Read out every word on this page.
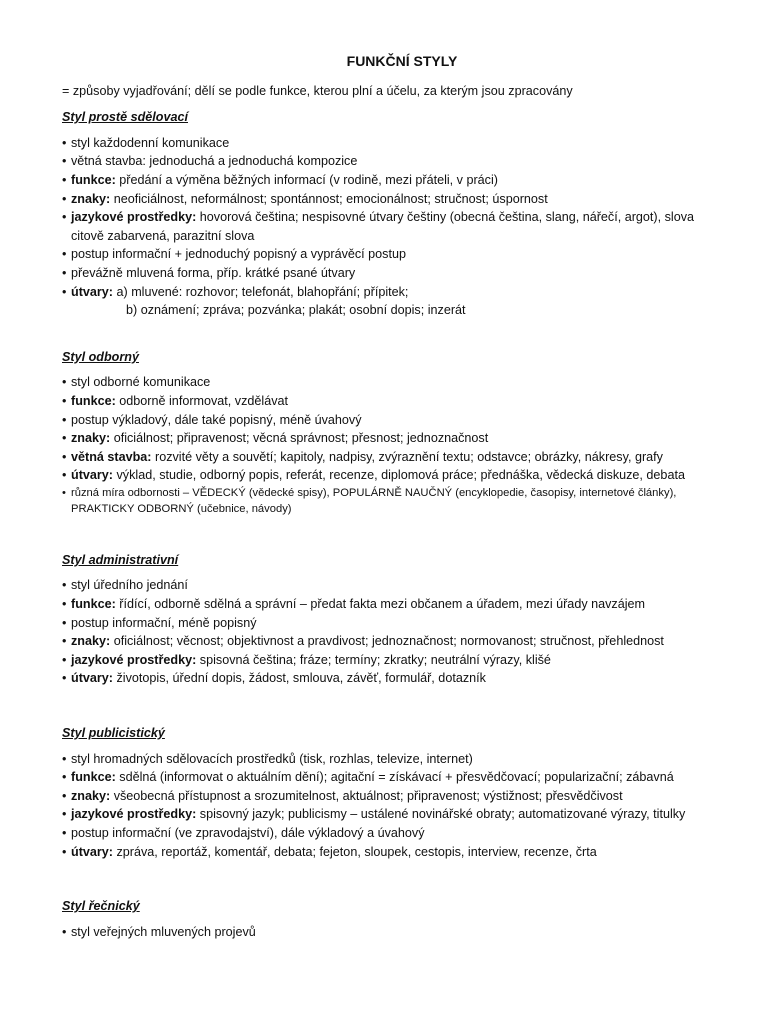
FUNKČNÍ STYLY

= způsoby vyjadřování; dělí se podle funkce, kterou plní a účelu, za kterým jsou zpracovány

Styl prostě sdělovací
• styl každodenní komunikace
• větná stavba: jednoduchá a jednoduchá kompozice
• funkce: předání a výměna běžných informací (v rodině, mezi přáteli, v práci)
• znaky: neoficiálnost, neformálnost; spontánnost; emocionálnost; stručnost; úspornost
• jazykové prostředky: hovorová čeština; nespisovné útvary češtiny (obecná čeština, slang, nářečí, argot), slova citově zabarvená, parazitní slova
• postup informační + jednoduchý popisný a vyprávěcí postup
• převážně mluvená forma, příp. krátké psané útvary
• útvary: a) mluvené: rozhovor; telefonát, blahopřání; přípitek;
b) oznámení; zpráva; pozvánka; plakát; osobní dopis; inzerát
Styl odborný
• styl odborné komunikace
• funkce: odborně informovat, vzdělávat
• postup výkladový, dále také popisný, méně úvahový
• znaky: oficiálnost; připravenost; věcná správnost; přesnost; jednoznačnost
• větná stavba: rozvité věty a souvětí; kapitoly, nadpisy, zvýraznění textu; odstavce; obrázky, nákresy, grafy
• útvary: výklad, studie, odborný popis, referát, recenze, diplomová práce; přednáška, vědecká diskuze, debata
• různá míra odbornosti – VĚDECKÝ (vědecké spisy), POPULÁRNĚ NAUČNÝ (encyklopedie, časopisy, internetové články), PRAKTICKY ODBORNÝ (učebnice, návody)
Styl administrativní
• styl úředního jednání
• funkce: řídící, odborně sdělná a správní – předat fakta mezi občanem a úřadem, mezi úřady navzájem
• postup informační, méně popisný
• znaky: oficiálnost; věcnost; objektivnost a pravdivost; jednoznačnost; normovanost; stručnost, přehlednost
• jazykové prostředky: spisovná čeština; fráze; termíny; zkratky; neutrální výrazy, klišé
• útvary: životopis, úřední dopis, žádost, smlouva, závěť, formulář, dotazník
Styl publicistický
• styl hromadných sdělovacích prostředků (tisk, rozhlas, televize, internet)
• funkce: sdělná (informovat o aktuálním dění); agitační = získávací + přesvědčovací; popularizační; zábavná
• znaky: všeobecná přístupnost a srozumitelnost, aktuálnost; připravenost; výstižnost; přesvědčivost
• jazykové prostředky: spisovný jazyk; publicismy – ustálené novinářské obraty; automatizované výrazy, titulky
• postup informační (ve zpravodajství), dále výkladový a úvahový
• útvary: zpráva, reportáž, komentář, debata; fejeton, sloupek, cestopis, interview, recenze, črta
Styl řečnický
• styl veřejných mluvených projevů
